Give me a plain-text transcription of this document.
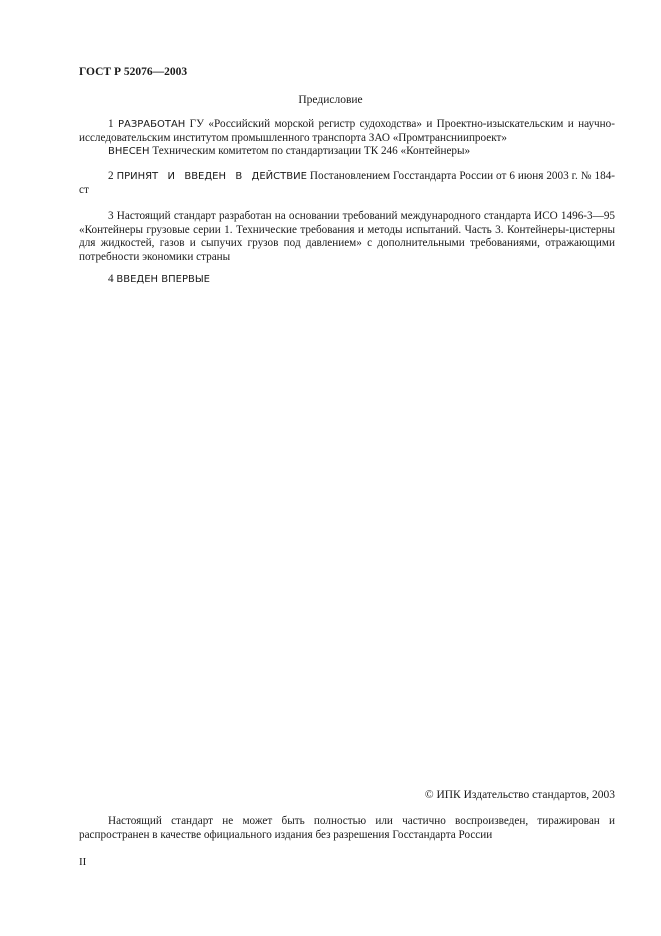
ГОСТ Р 52076—2003
Предисловие

1 РАЗРАБОТАН ГУ «Российский морской регистр судоходства» и Проектно-изыскательским и научно-исследовательским институтом промышленного транспорта ЗАО «Промтрансниипроект»

ВНЕСЕН Техническим комитетом по стандартизации ТК 246 «Контейнеры»

2 ПРИНЯТ И ВВЕДЕН В ДЕЙСТВИЕ Постановлением Госстандарта России от 6 июня 2003 г. № 184-ст

3 Настоящий стандарт разработан на основании требований международного стандарта ИСО 1496-3—95 «Контейнеры грузовые серии 1. Технические требования и методы испытаний. Часть 3. Контейнеры-цистерны для жидкостей, газов и сыпучих грузов под давлением» с дополнительными требованиями, отражающими потребности экономики страны

4 ВВЕДЕН ВПЕРВЫЕ

© ИПК Издательство стандартов, 2003

Настоящий стандарт не может быть полностью или частично воспроизведен, тиражирован и распространен в качестве официального издания без разрешения Госстандарта России

II
